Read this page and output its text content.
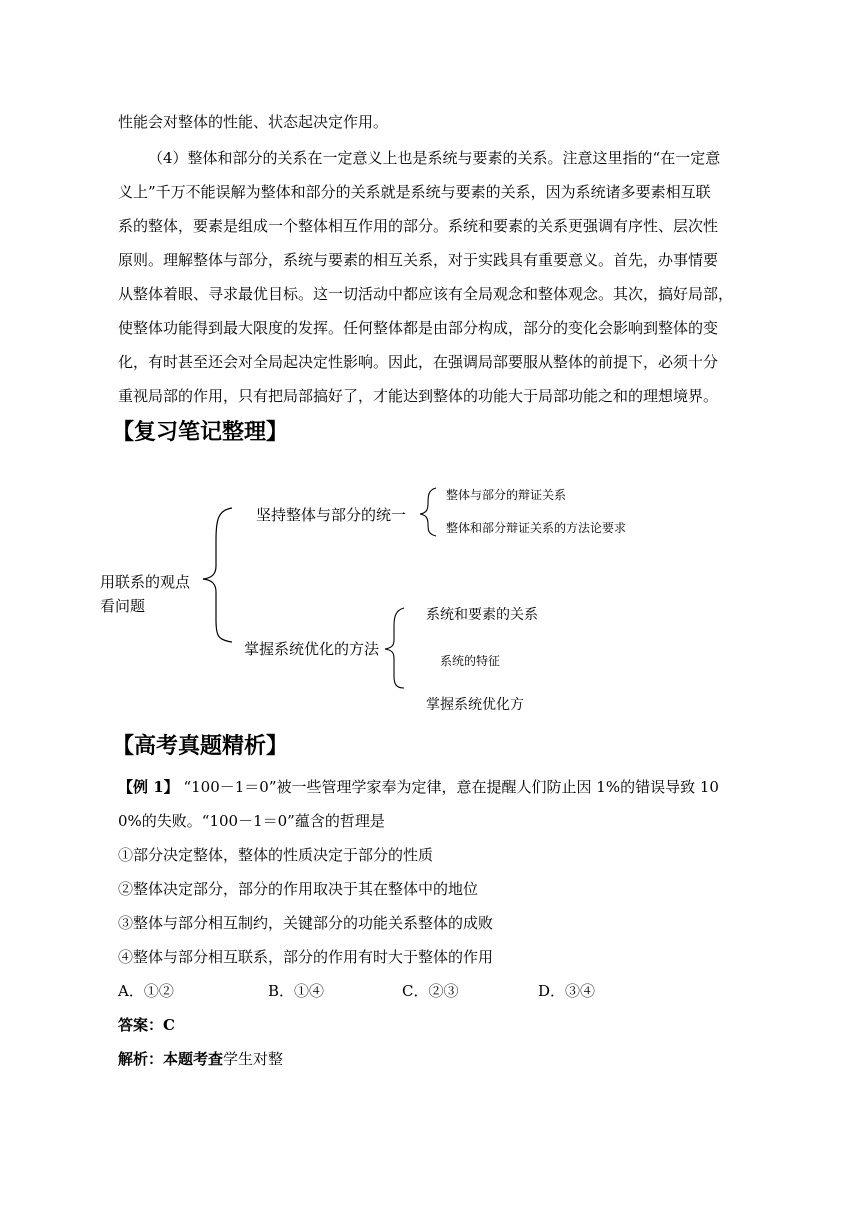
性能会对整体的性能、状态起决定作用。
（4）整体和部分的关系在一定意义上也是系统与要素的关系。注意这里指的“在一定意
义上”千万不能误解为整体和部分的关系就是系统与要素的关系，因为系统诸多要素相互联
系的整体，要素是组成一个整体相互作用的部分。系统和要素的关系更强调有序性、层次性
原则。理解整体与部分，系统与要素的相互关系，对于实践具有重要意义。首先，办事情要
从整体着眼、寻求最优目标。这一切活动中都应该有全局观念和整体观念。其次，搞好局部，
使整体功能得到最大限度的发挥。任何整体都是由部分构成，部分的变化会影响到整体的变
化，有时甚至还会对全局起决定性影响。因此，在强调局部要服从整体的前提下，必须十分
重视局部的作用，只有把局部搞好了，才能达到整体的功能大于局部功能之和的理想境界。
【复习笔记整理】
用联系的观点看问题
坚持整体与部分的统一
整体与部分的辩证关系
整体和部分辩证关系的方法论要求
掌握系统优化的方法
系统和要素的关系
系统的特征
掌握系统优化方
【高考真题精析】
【例 1】 “100－1＝0”被一些管理学家奉为定律，意在提醒人们防止因 1%的错误导致 10
0%的失败。“100－1＝0”蕴含的哲理是
①部分决定整体，整体的性质决定于部分的性质
②整体决定部分，部分的作用取决于其在整体中的地位
③整体与部分相互制约，关键部分的功能关系整体的成败
④整体与部分相互联系，部分的作用有时大于整体的作用
A．①②	B．①④	C．②③	D．③④
答案：C
解析：本题考查学生对整
